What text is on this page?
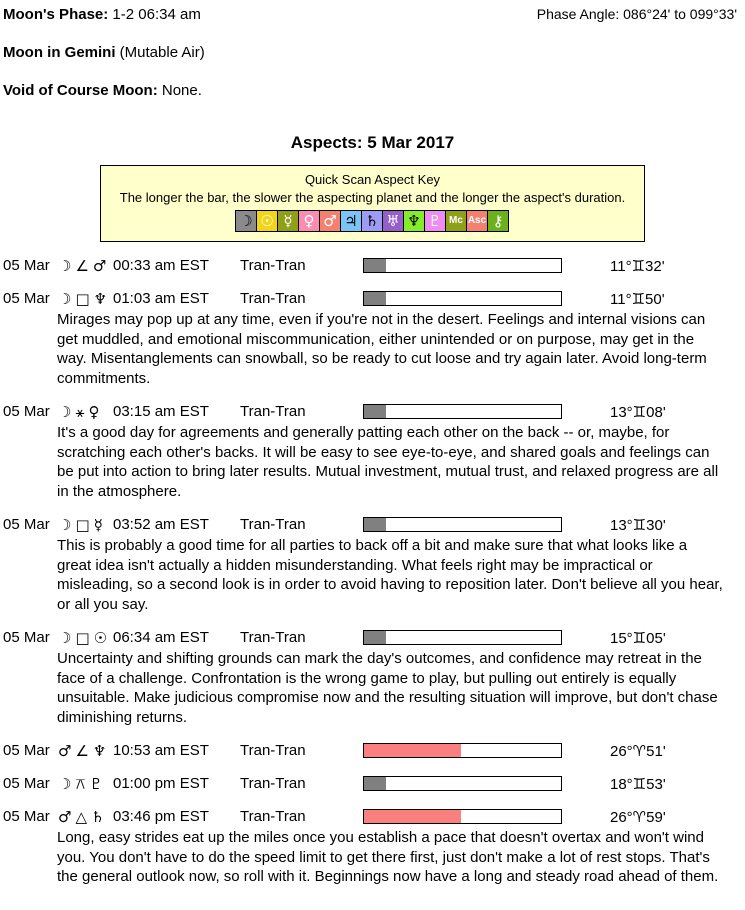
Moon's Phase: 1-2 06:34 am
Moon in Gemini (Mutable Air)
Void of Course Moon: None.
Phase Angle: 086°24' to 099°33'
Aspects: 5 Mar 2017
Quick Scan Aspect Key
The longer the bar, the slower the aspecting planet and the longer the aspect's duration.
☽ ☉ ☿ ♀ ♂ ♃ ♄ ♅ ♆ ♇ Mc Asc ⚷
05 Mar ☽ ∠ ♂ 00:33 am EST Tran-Tran	11°♊32'
05 Mar ☽ □ ♆ 01:03 am EST Tran-Tran	11°♊50'
Mirages may pop up at any time, even if you're not in the desert. Feelings and internal visions can get muddled, and emotional miscommunication, either unintended or on purpose, may get in the way. Misentanglements can snowball, so be ready to cut loose and try again later. Avoid long-term commitments.
05 Mar ☽ ⚹ ♀ 03:15 am EST Tran-Tran	13°♊08'
It's a good day for agreements and generally patting each other on the back -- or, maybe, for scratching each other's backs. It will be easy to see eye-to-eye, and shared goals and feelings can be put into action to bring later results. Mutual investment, mutual trust, and relaxed progress are all in the atmosphere.
05 Mar ☽ □ ☿ 03:52 am EST Tran-Tran	13°♊30'
This is probably a good time for all parties to back off a bit and make sure that what looks like a great idea isn't actually a hidden misunderstanding. What feels right may be impractical or misleading, so a second look is in order to avoid having to reposition later. Don't believe all you hear, or all you say.
05 Mar ☽ □ ☉ 06:34 am EST Tran-Tran	15°♊05'
Uncertainty and shifting grounds can mark the day's outcomes, and confidence may retreat in the face of a challenge. Confrontation is the wrong game to play, but pulling out entirely is equally unsuitable. Make judicious compromise now and the resulting situation will improve, but don't chase diminishing returns.
05 Mar ♂ ∠ ♆ 10:53 am EST Tran-Tran	26°♈51'
05 Mar ☽ ⚻ ♇ 01:00 pm EST Tran-Tran	18°♊53'
05 Mar ♂ △ ♄ 03:46 pm EST Tran-Tran	26°♈59'
Long, easy strides eat up the miles once you establish a pace that doesn't overtax and won't wind you. You don't have to do the speed limit to get there first, just don't make a lot of rest stops. That's the general outlook now, so roll with it. Beginnings now have a long and steady road ahead of them.
